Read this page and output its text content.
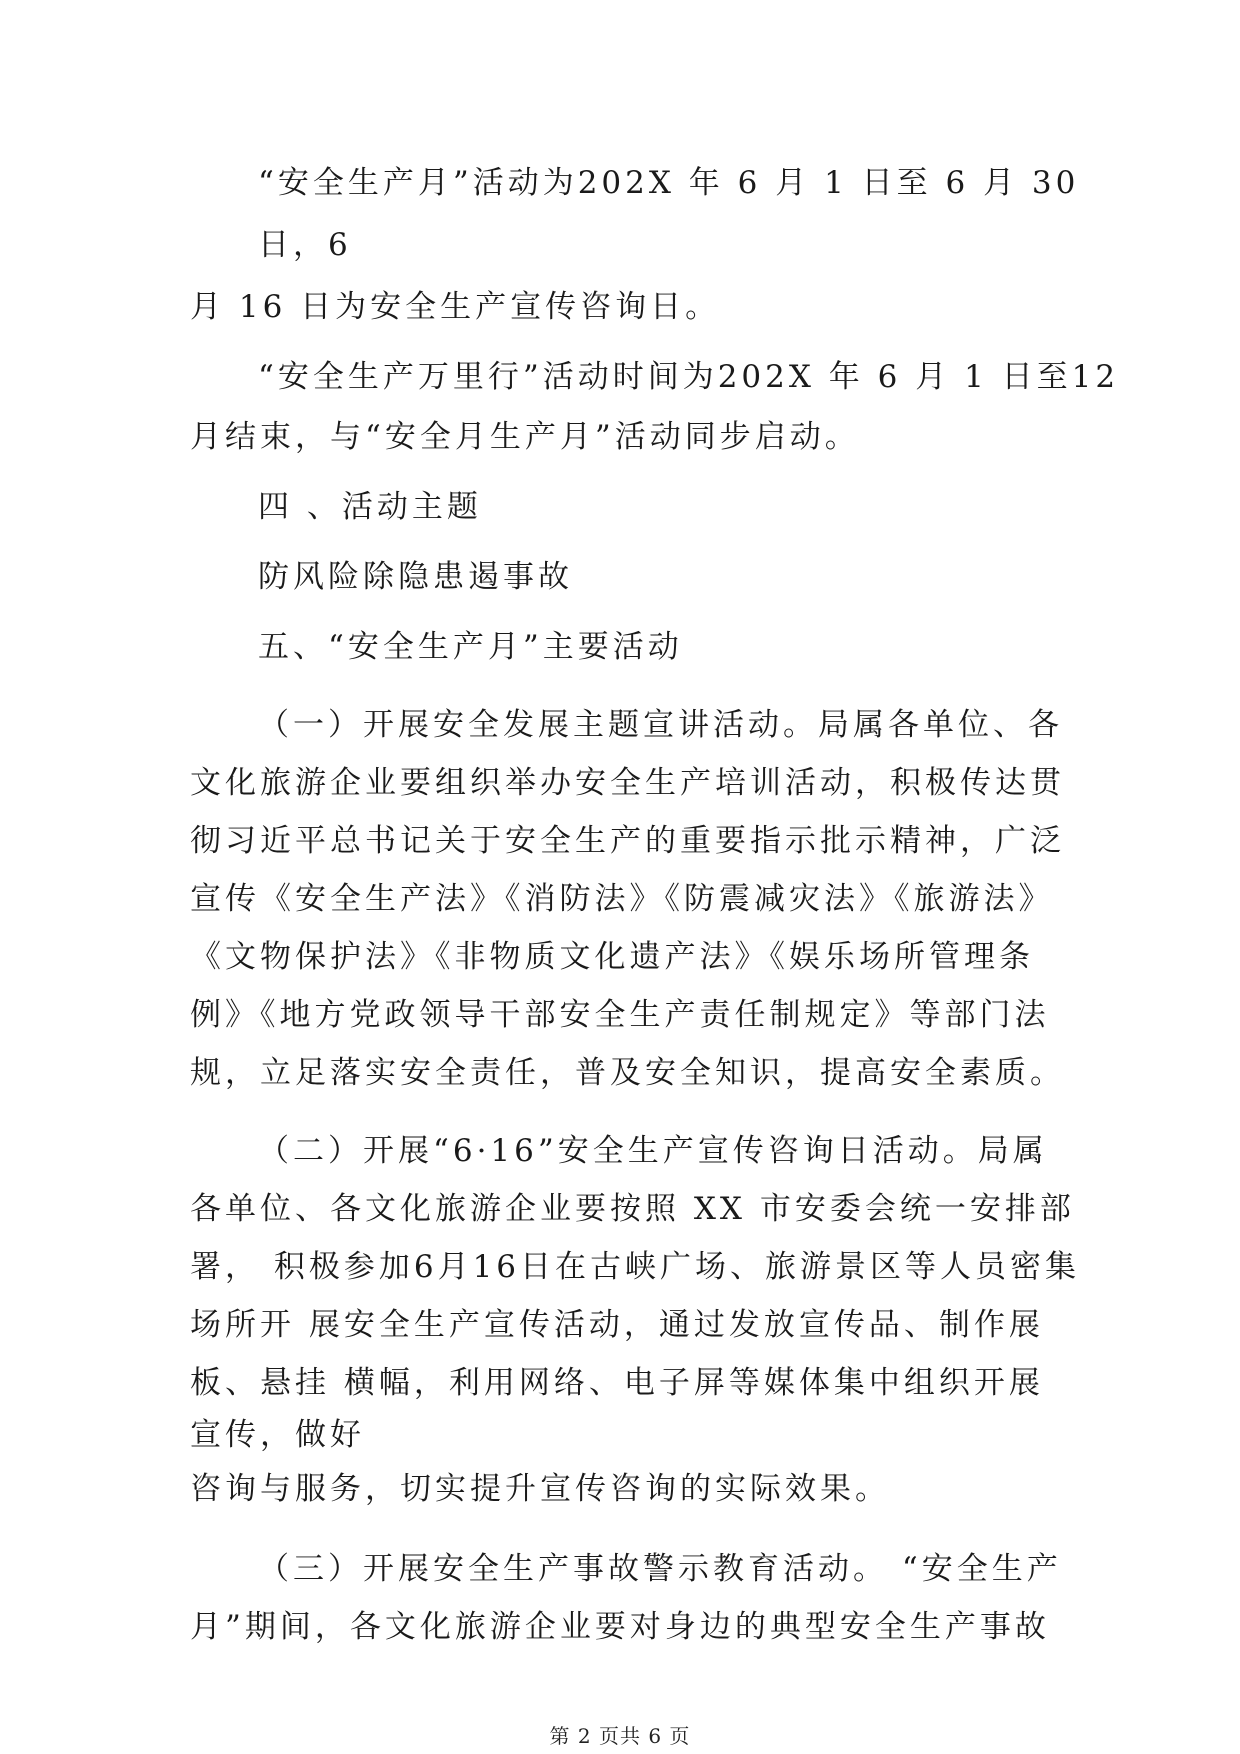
“安全生产月”活动为202X 年 6 月 1 日至 6 月 30

日，6

月 16 日为安全生产宣传咨询日。

“安全生产万里行”活动时间为202X 年 6 月 1 日至12

月结束，与“安全月生产月”活动同步启动。

四 、活动主题

防风险除隐患遏事故

五、“安全生产月”主要活动

（一）开展安全发展主题宣讲活动。局属各单位、各

文化旅游企业要组织举办安全生产培训活动，积极传达贯

彻习近平总书记关于安全生产的重要指示批示精神，广泛

宣传《安全生产法》《消防法》《防震减灾法》《旅游法》

《文物保护法》《非物质文化遗产法》《娱乐场所管理条

例》《地方党政领导干部安全生产责任制规定》等部门法

规，立足落实安全责任，普及安全知识，提高安全素质。

（二）开展“6·16”安全生产宣传咨询日活动。局属

各单位、各文化旅游企业要按照 XX 市安委会统一安排部

署， 积极参加6月16日在古峡广场、旅游景区等人员密集

场所开 展安全生产宣传活动，通过发放宣传品、制作展

板、悬挂 横幅，利用网络、电子屏等媒体集中组织开展

宣传，做好

咨询与服务，切实提升宣传咨询的实际效果。

（三）开展安全生产事故警示教育活动。 “安全生产

月”期间，各文化旅游企业要对身边的典型安全生产事故

第 2 页共 6 页
